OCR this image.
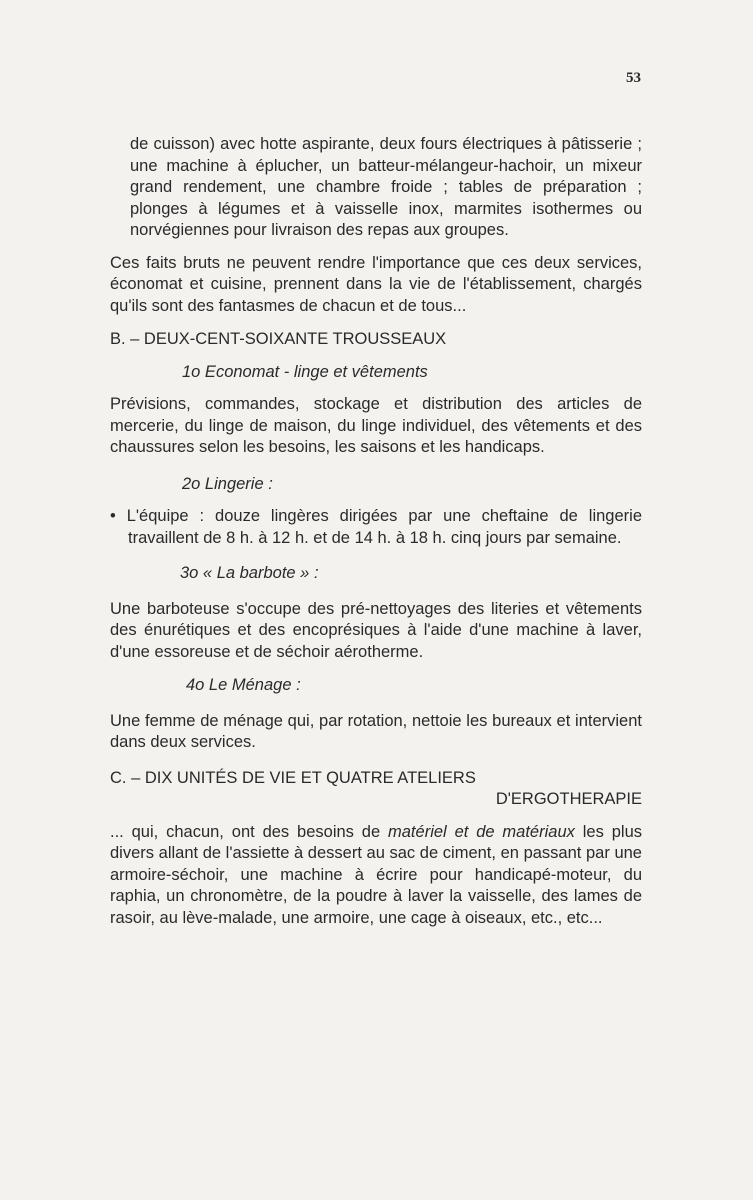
53

de cuisson) avec hotte aspirante, deux fours électriques à pâtisserie ; une machine à éplucher, un batteur-mélangeur-hachoir, un mixeur grand rendement, une chambre froide ; tables de préparation ; plonges à légumes et à vaisselle inox, marmites isothermes ou norvégiennes pour livraison des repas aux groupes.

Ces faits bruts ne peuvent rendre l'importance que ces deux services, économat et cuisine, prennent dans la vie de l'établissement, chargés qu'ils sont des fantasmes de chacun et de tous...

B. – DEUX-CENT-SOIXANTE TROUSSEAUX

1o Economat - linge et vêtements

Prévisions, commandes, stockage et distribution des articles de mercerie, du linge de maison, du linge individuel, des vêtements et des chaussures selon les besoins, les saisons et les handicaps.

2o Lingerie :

• L'équipe : douze lingères dirigées par une cheftaine de lingerie travaillent de 8 h. à 12 h. et de 14 h. à 18 h. cinq jours par semaine.

3o « La barbote » :

Une barboteuse s'occupe des pré-nettoyages des literies et vêtements des énurétiques et des encoprésiques à l'aide d'une machine à laver, d'une essoreuse et de séchoir aérotherme.

4o Le Ménage :

Une femme de ménage qui, par rotation, nettoie les bureaux et intervient dans deux services.

C. – DIX UNITÉS DE VIE ET QUATRE ATELIERS

D'ERGOTHERAPIE

... qui, chacun, ont des besoins de matériel et de matériaux les plus divers allant de l'assiette à dessert au sac de ciment, en passant par une armoire-séchoir, une machine à écrire pour handicapé-moteur, du raphia, un chronomètre, de la poudre à laver la vaisselle, des lames de rasoir, au lève-malade, une armoire, une cage à oiseaux, etc., etc...
